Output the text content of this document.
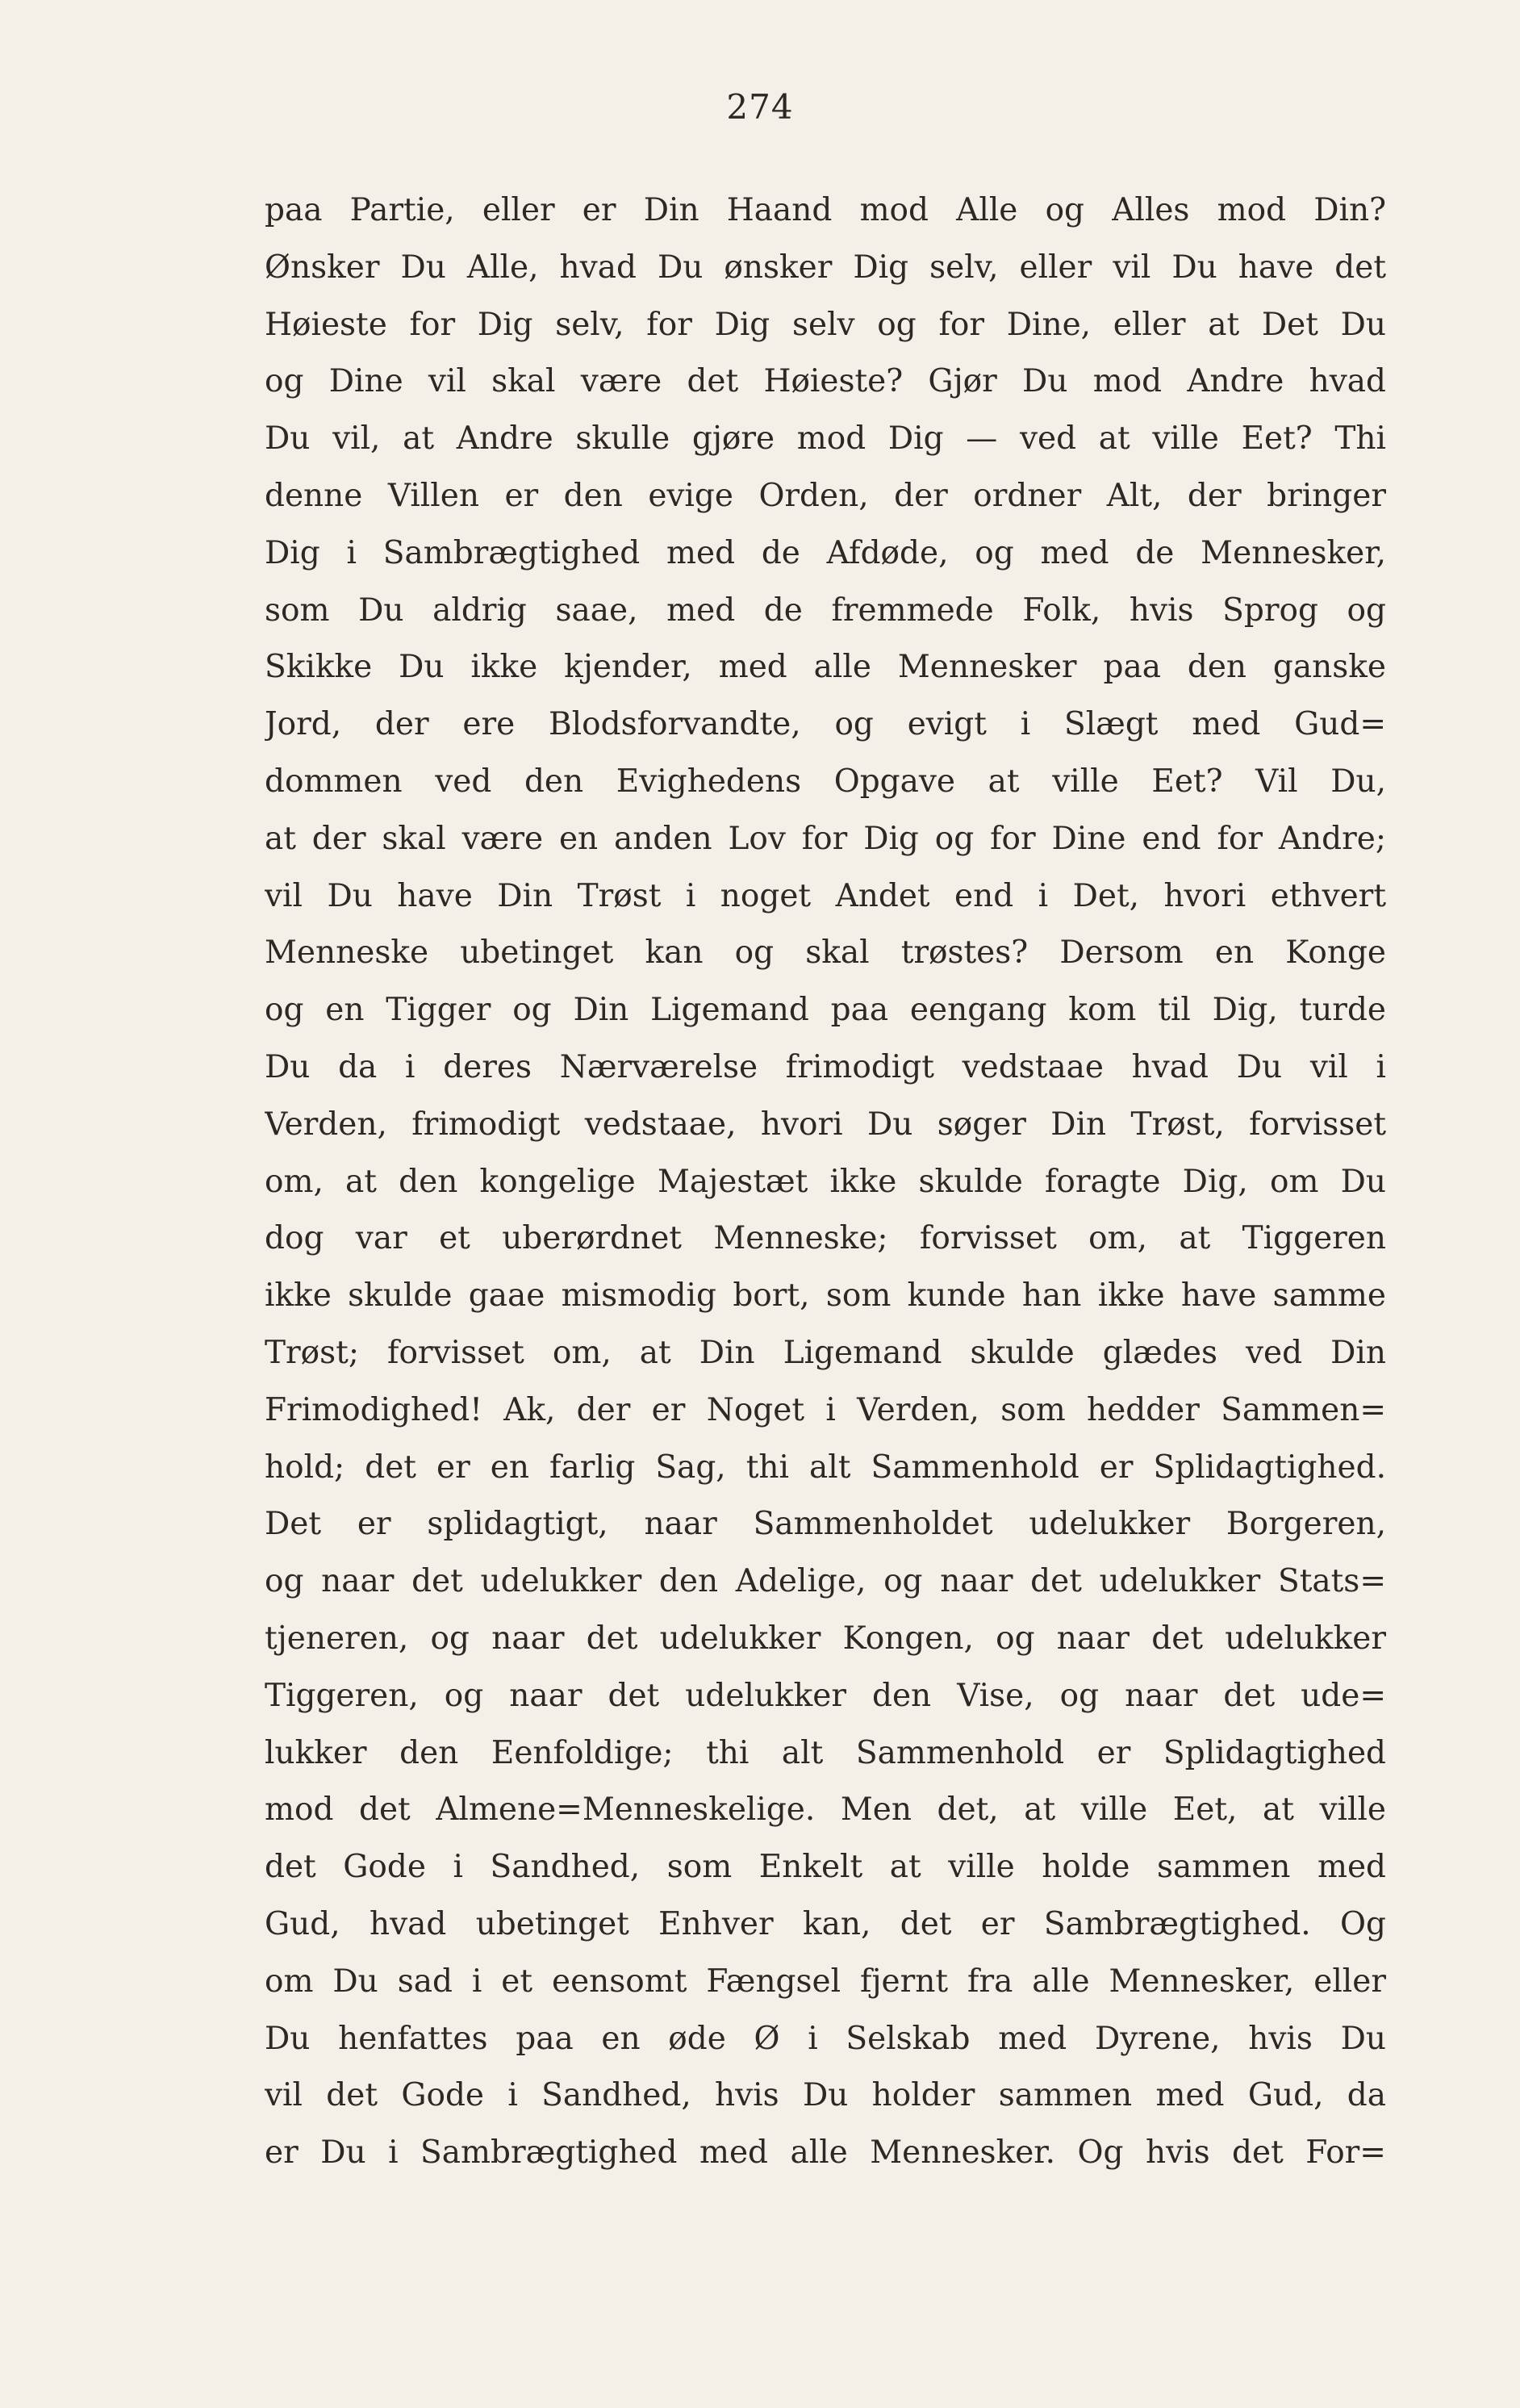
274
paa Partie, eller er Din Haand mod Alle og Alles mod Din?
Ønsker Du Alle, hvad Du ønsker Dig selv, eller vil Du have det
Høieste for Dig selv, for Dig selv og for Dine, eller at Det Du
og Dine vil skal være det Høieste? Gjør Du mod Andre hvad
Du vil, at Andre skulle gjøre mod Dig — ved at ville Eet? Thi
denne Villen er den evige Orden, der ordner Alt, der bringer
Dig i Sambrægtighed med de Afdøde, og med de Mennesker,
som Du aldrig saae, med de fremmede Folk, hvis Sprog og
Skikke Du ikke kjender, med alle Mennesker paa den ganske
Jord, der ere Blodsforvandte, og evigt i Slægt med Gud=
dommen ved den Evighedens Opgave at ville Eet? Vil Du,
at der skal være en anden Lov for Dig og for Dine end for Andre;
vil Du have Din Trøst i noget Andet end i Det, hvori ethvert
Menneske ubetinget kan og skal trøstes? Dersom en Konge
og en Tigger og Din Ligemand paa eengang kom til Dig, turde
Du da i deres Nærværelse frimodigt vedstaae hvad Du vil i
Verden, frimodigt vedstaae, hvori Du søger Din Trøst, forvisset
om, at den kongelige Majestæt ikke skulde foragte Dig, om Du
dog var et uberørdnet Menneske; forvisset om, at Tiggeren
ikke skulde gaae mismodig bort, som kunde han ikke have samme
Trøst; forvisset om, at Din Ligemand skulde glædes ved Din
Frimodighed! Ak, der er Noget i Verden, som hedder Sammen=
hold; det er en farlig Sag, thi alt Sammenhold er Splidagtighed.
Det er splidagtigt, naar Sammenholdet udelukker Borgeren,
og naar det udelukker den Adelige, og naar det udelukker Stats=
tjeneren, og naar det udelukker Kongen, og naar det udelukker
Tiggeren, og naar det udelukker den Vise, og naar det ude=
lukker den Eenfoldige; thi alt Sammenhold er Splidagtighed
mod det Almene=Menneskelige. Men det, at ville Eet, at ville
det Gode i Sandhed, som Enkelt at ville holde sammen med
Gud, hvad ubetinget Enhver kan, det er Sambrægtighed. Og
om Du sad i et eensomt Fængsel fjernt fra alle Mennesker, eller
Du henfattes paa en øde Ø i Selskab med Dyrene, hvis Du
vil det Gode i Sandhed, hvis Du holder sammen med Gud, da
er Du i Sambrægtighed med alle Mennesker. Og hvis det For=
